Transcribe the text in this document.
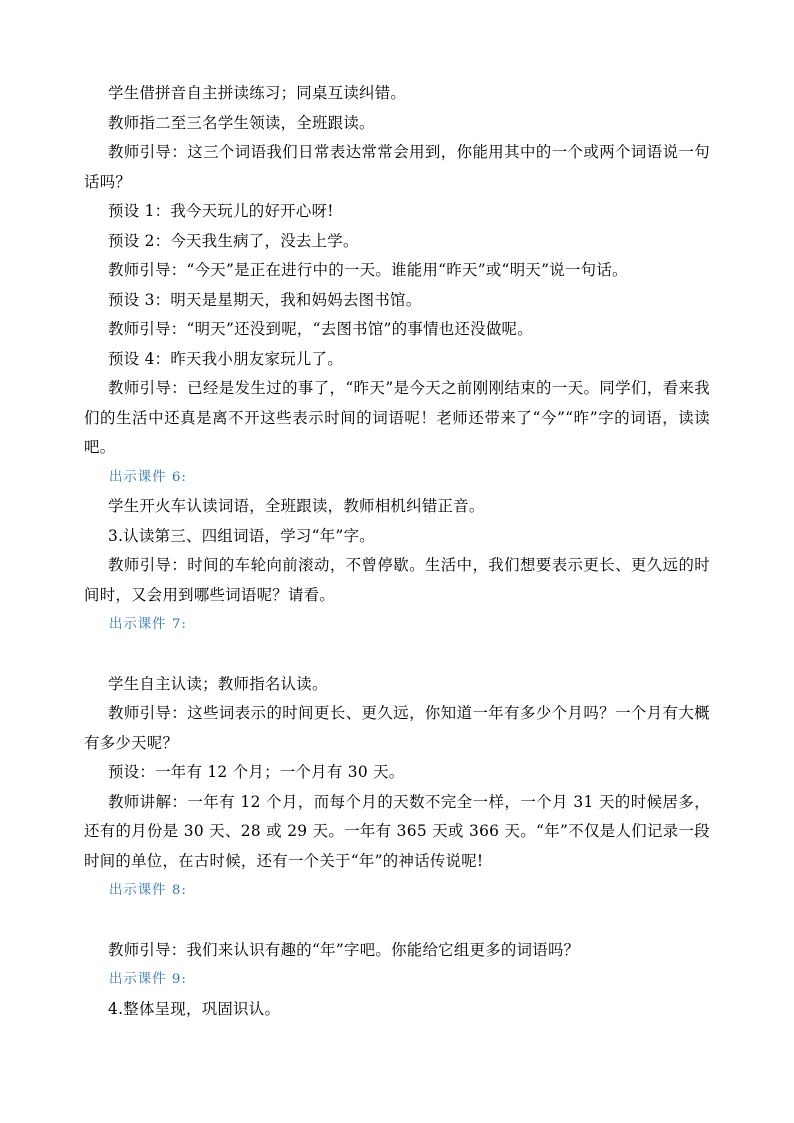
学生借拼音自主拼读练习；同桌互读纠错。

教师指二至三名学生领读，全班跟读。

教师引导：这三个词语我们日常表达常常会用到，你能用其中的一个或两个词语说一句话吗？

预设 1：我今天玩儿的好开心呀!

预设 2：今天我生病了，没去上学。

教师引导：“今天”是正在进行中的一天。谁能用“昨天”或“明天”说一句话。

预设 3：明天是星期天，我和妈妈去图书馆。

教师引导：“明天”还没到呢，“去图书馆”的事情也还没做呢。

预设 4：昨天我小朋友家玩儿了。

教师引导：已经是发生过的事了，“昨天”是今天之前刚刚结束的一天。同学们，看来我们的生活中还真是离不开这些表示时间的词语呢！老师还带来了“今”“昨”字的词语，读读吧。

出示课件 6:

学生开火车认读词语，全班跟读，教师相机纠错正音。

3.认读第三、四组词语，学习“年”字。

教师引导：时间的车轮向前滚动，不曾停歇。生活中，我们想要表示更长、更久远的时间时，又会用到哪些词语呢？请看。

出示课件 7:

学生自主认读；教师指名认读。

教师引导：这些词表示的时间更长、更久远，你知道一年有多少个月吗？一个月有大概有多少天呢？

预设：一年有 12 个月；一个月有 30 天。

教师讲解：一年有 12 个月，而每个月的天数不完全一样，一个月 31 天的时候居多，还有的月份是 30 天、28 或 29 天。一年有 365 天或 366 天。“年”不仅是人们记录一段时间的单位，在古时候，还有一个关于“年”的神话传说呢!

出示课件 8:

教师引导：我们来认识有趣的“年”字吧。你能给它组更多的词语吗？

出示课件 9:

4.整体呈现，巩固识认。
